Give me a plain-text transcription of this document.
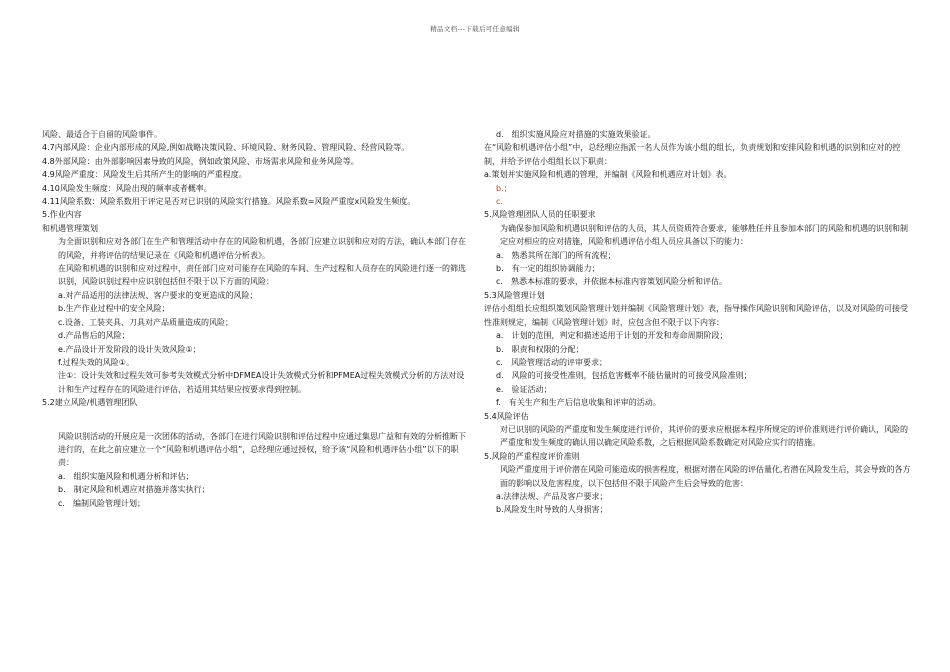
精品文档---下载后可任意编辑

风险、最适合于自留的风险事件。

4.7内部风险：企业内部形成的风险,例如战略决策风险、环境风险、财务风险、管理风险、经营风险等。

4.8外部风险：由外部影响因素导致的风险，例如政策风险、市场需求风险和业务风险等。

4.9风险严重度：风险发生后其所产生的影响的严重程度。

4.10风险发生频度：风险出现的频率或者概率。

4.11风险系数：风险系数用于评定是否对已识别的风险实行措施。风险系数=风险严重度x风险发生频度。

5.作业内容

和机遇管理策划

为全面识别和应对各部门在生产和管理活动中存在的风险和机遇，各部门应建立识别和应对的方法，确认本部门存在的风险，并将评估的结果记录在《风险和机遇评估分析表》。

在风险和机遇的识别和应对过程中，责任部门应对可能存在风险的车间、生产过程和人员存在的风险进行逐一的筛选识别，风险识别过程中应识别包括但不限于以下方面的风险：

a.对产品适用的法律法规、客户要求的变更造成的风险；

b.生产作业过程中的安全风险；

c.设备、工装夹具、刀具对产品质量造成的风险；

d.产品售后的风险；

e.产品设计开发阶段的设计失效风险①；

f.过程失效的风险①。

注①：设计失效和过程失效可参考失效模式分析中DFMEA设计失效模式分析和PFMEA过程失效模式分析的方法对设计和生产过程存在的风险进行评估，若适用其结果应按要求得到控制。

5.2建立风险/机遇管理团队

风险识别活动的开展应是一次团体的活动，各部门在进行风险识别和评估过程中应通过集思广益和有效的分析推断下进行的，在此之前应建立一个“风险和机遇评估小组”，总经理应通过授权，给予该“风险和机遇评估小组”以下的职责：

a.　组织实施风险和机遇分析和评估；

b.　制定风险和机遇应对措施并落实执行；

c.　编制风险管理计划；

d.　组织实施风险应对措施的实施效果验证。

在“风险和机遇评估小组”中，总经理应指派一名人员作为该小组的组长，负责规划和安排风险和机遇的识别和应对的控制，并给予评估小组组长以下职责：

a.策划并实施风险和机遇的管理，并编制《风险和机遇应对计划》表。

b.；

c.

5.风险管理团队人员的任职要求

为确保参加风险和机遇识别和评估的人员，其人员资质符合要求，能够胜任并且参加本部门的风险和机遇的识别和制定应对相应的应对措施，风险和机遇评估小组人员应具备以下的能力：

a.　熟悉其所在部门的所有流程；

b.　有一定的组织协调能力；

c.　熟悉本标准的要求，并依据本标准内容策划风险分析和评估。

5.3风险管理计划

评估小组组长应组织策划风险管理计划并编制《风险管理计划》表，指导操作风险识别和风险评估，以及对风险的可接受性准则规定，编制《风险管理计划》时，应包含但不限于以下内容：

a.　计划的范围，判定和描述适用于计划的开发和寿命周期阶段；

b.　职责和权限的分配；

c.　风险管理活动的评审要求；

d.　风险的可接受性准则，包括危害概率不能估量时的可接受风险准则；

e.　验证活动；

f.　有关生产和生产后信息收集和评审的活动。

5.4风险评估

对已识别的风险的严重度和发生频度进行评价，其评价的要求应根据本程序所规定的评价准则进行评价确认，风险的严重度和发生频度的确认用以确定风险系数，之后根据风险系数确定对风险应实行的措施。

5.风险的严重程度评价准则

风险严重度用于评价潜在风险可能造成的损害程度，根据对潜在风险的评估量化,若潜在风险发生后，其会导致的各方面的影响以及危害程度，以下包括但不限于风险产生后会导致的危害：

a.法律法规、产品及客户要求；

b.风险发生时导致的人身损害；
